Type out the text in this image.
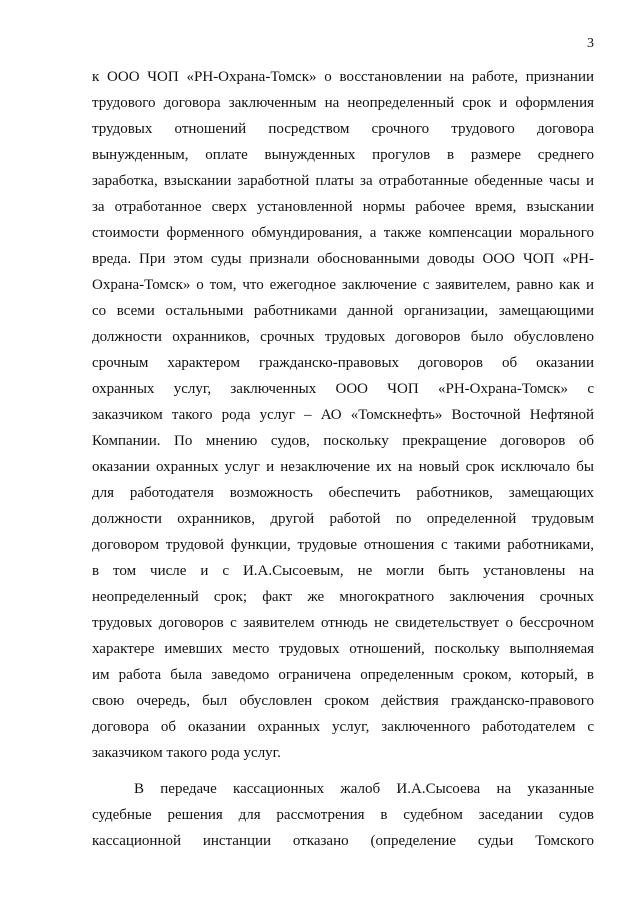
3
к ООО ЧОП «РН-Охрана-Томск» о восстановлении на работе, признании
трудового договора заключенным на неопределенный срок и оформления
трудовых отношений посредством срочного трудового договора
вынужденным, оплате вынужденных прогулов в размере среднего
заработка, взыскании заработной платы за отработанные обеденные часы и
за отработанное сверх установленной нормы рабочее время, взыскании
стоимости форменного обмундирования, а также компенсации морального
вреда. При этом суды признали обоснованными доводы ООО ЧОП «РН-
Охрана-Томск» о том, что ежегодное заключение с заявителем, равно как и
со всеми остальными работниками данной организации, замещающими
должности охранников, срочных трудовых договоров было обусловлено
срочным характером гражданско-правовых договоров об оказании
охранных услуг, заключенных ООО ЧОП «РН-Охрана-Томск» с
заказчиком такого рода услуг – АО «Томскнефть» Восточной Нефтяной
Компании. По мнению судов, поскольку прекращение договоров об
оказании охранных услуг и незаключение их на новый срок исключало бы
для работодателя возможность обеспечить работников, замещающих
должности охранников, другой работой по определенной трудовым
договором трудовой функции, трудовые отношения с такими работниками,
в том числе и с И.А.Сысоевым, не могли быть установлены на
неопределенный срок; факт же многократного заключения срочных
трудовых договоров с заявителем отнюдь не свидетельствует о бессрочном
характере имевших место трудовых отношений, поскольку выполняемая
им работа была заведомо ограничена определенным сроком, который, в
свою очередь, был обусловлен сроком действия гражданско-правового
договора об оказании охранных услуг, заключенного работодателем с
заказчиком такого рода услуг.
В передаче кассационных жалоб И.А.Сысоева на указанные
судебные решения для рассмотрения в судебном заседании судов
кассационной инстанции отказано (определение судьи Томского
